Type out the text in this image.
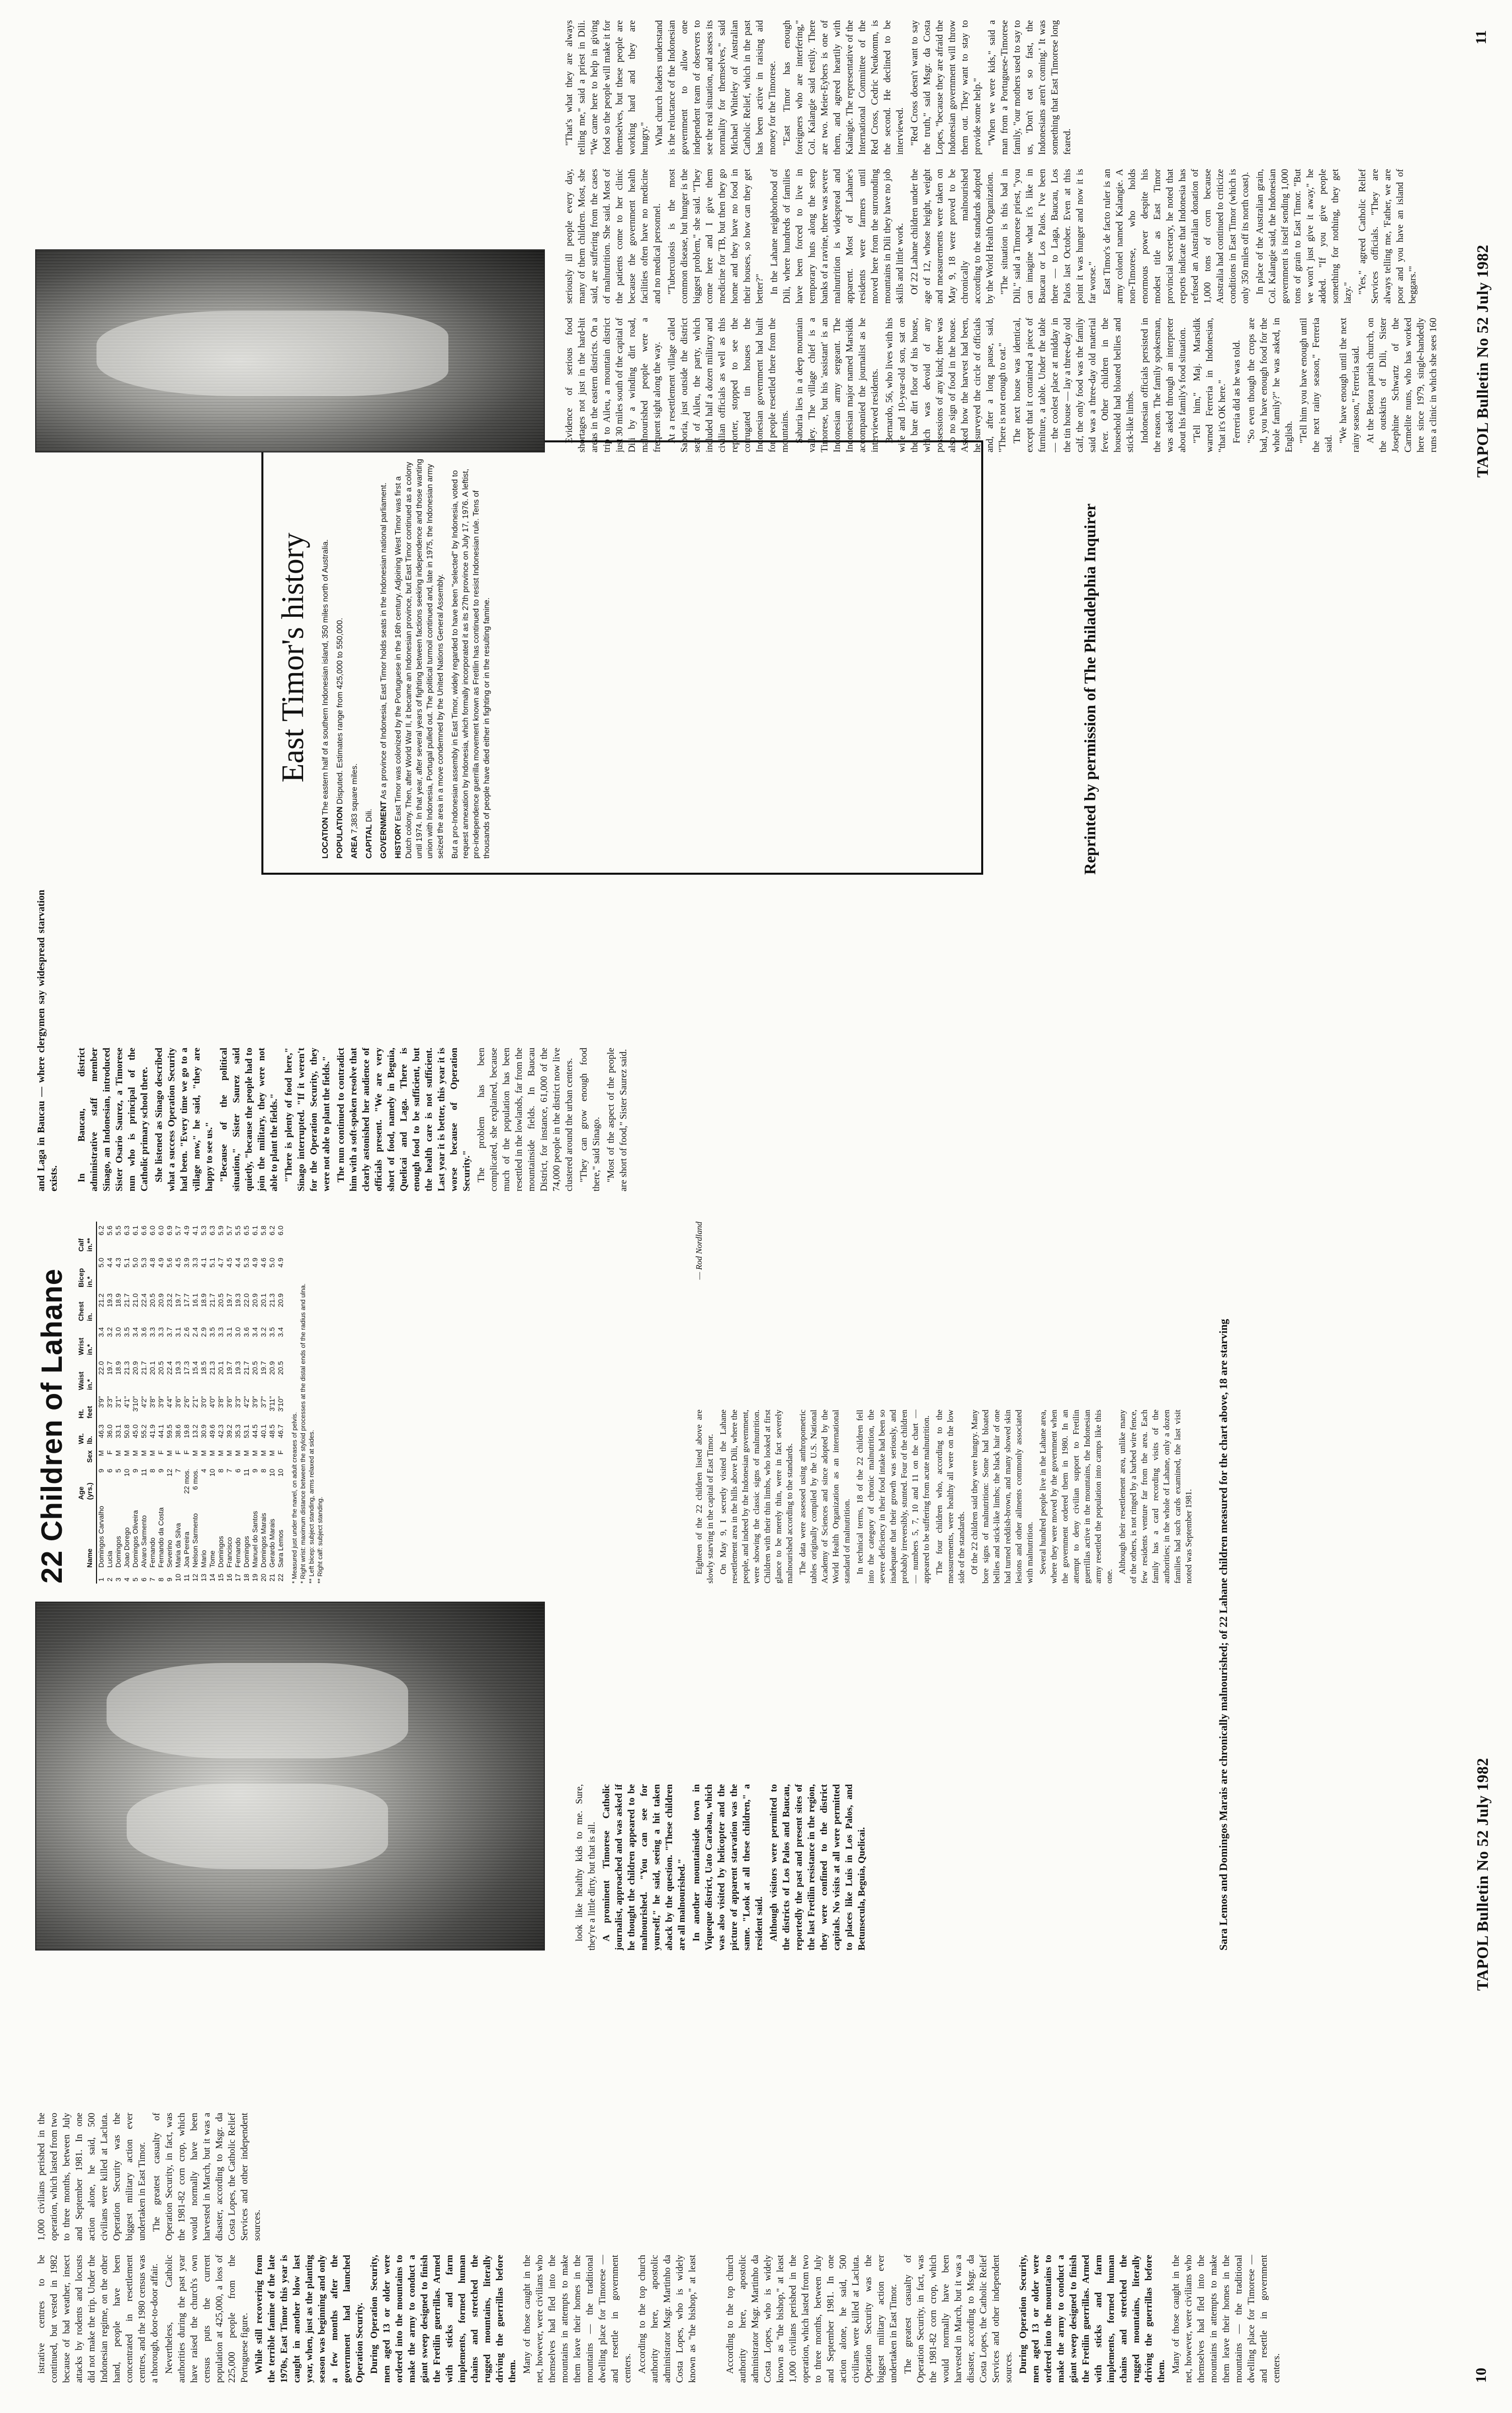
istrative centres to be continued, but vested in 1982 because of bad weather, insect attacks by rodents and locusts did not make the trip. Under the Indonesian regime, on the other hand, people have been concentrated in resettlement centres, and the 1980 census was a thorough, door-to-door affair. Nevertheless, Catholic authorities during the past year have raised the church's own census puts the current population at 425,000, a loss of 225,000 people from the Portuguese figure. While still recovering from the terrible famine of the late 1970s, East Timor this year is caught in another blow last year, when, just as the planting season was beginning and only a few months after the government had launched Operation Security. During Operation Security, men aged 13 or older were ordered into the mountains to make the army to conduct a giant sweep designed to finish the Fretilin guerrillas. Armed with sticks and farm implements, formed human chains and stretched the rugged mountains, literally driving the guerrillas before them. Many of those caught in the net, however, were civilians who themselves had fled into the mountains in attempts to make them leave their homes in the mountains — the traditional dwelling place for Timorese — and resettle in government centers. According to the top church authority here, apostolic administrator Msgr. Martinho da Costa Lopes, who is widely known as "the bishop," at least 1,000 civilians perished in the operation, which lasted from two to three months, between July and September 1981. In one action alone, he said, 500 civilians were killed at Lacluta. Operation Security was the biggest military action ever undertaken in East Timor. The greatest casualty of Operation Security, in fact, was the 1981-82 corn crop, which would normally have been harvested in March, but it was a disaster, according to Msgr. da Costa Lopes, the Catholic Relief Services and other independent sources.

According to the top church authority here, apostolic administrator Msgr. Martinho da Costa Lopes, who is widely known as "the bishop," at least 1,000 civilians perished in the operation, which lasted from two to three months, between July and September 1981. In one action alone, he said, 500 civilians were killed at Lacluta. Operation Security was the biggest military action ever undertaken in East Timor. The greatest casualty of Operation Security, in fact, was the 1981-82 corn crop, which would normally have been harvested in March, but it was a disaster, according to Msgr. da Costa Lopes, the Catholic Relief Services and other independent sources. During Operation Security, men aged 13 or older were ordered into the mountains to make the army to conduct a giant sweep designed to finish the Fretilin guerrillas. Armed with sticks and farm implements, formed human chains and stretched the rugged mountains, literally driving the guerrillas before them. Many of those caught in the net, however, were civilians who themselves had fled into the mountains in attempts to make them leave their homes in the mountains — the traditional dwelling place for Timorese — and resettle in government centers.

look like healthy kids to me. Sure, they're a little dirty, but that is all. A prominent Timorese Catholic journalist, approached and was asked if he thought the children appeared to be malnourished. "You can see for yourself," he said, seeing a hit taken aback by the question. "These children are all malnourished." In another mountainside town in Viqueque district, Uato Carabau, which was also visited by helicopter and the picture of apparent starvation was the same. "Look at all these children," a resident said. Although visitors were permitted to the districts of Los Palos and Baucau, reportedly the past and present sites of the last Fretilin resistance in the region, they were confined to the district capitals. No visits at all were permitted to places like Luis in Los Palos, and Betunsecula, Beguia, Quelicai.

22 Children of Lahane
	Name	Age (yrs.)	Sex	Wt. lb.	Ht. feet	Waist in.*	Wrist in.*	Chest in.	Bicep in.*	Calf in.**
1	Domingos Carvalho	9	M	46.3	3'9"	22.0	3.4	21.2	5.0	6.2
2	Lucia	6	F	36.0	3'3"	19.7	3.2	19.3	4.4	5.6
3	Domingos	5	M	33.1	3'1"	18.9	3.0	18.9	4.3	5.5
4	Joao Dorego	10	M	50.8	4'1"	21.3	3.5	21.7	5.1	6.3
5	Domingos Oliveira	9	M	45.0	3'10"	20.9	3.4	21.0	5.0	6.1
6	Alvaro Sarmento	11	M	55.2	4'2"	21.7	3.6	22.4	5.3	6.6
7	Fernando	8	M	41.9	3'8"	20.1	3.3	20.5	4.8	6.0
8	Fernando da Costa	9	F	44.1	3'9"	20.5	3.3	20.9	4.9	6.0
9	Severino	12	M	59.5	4'4"	22.4	3.7	23.2	5.6	6.9
10	Maria da Silva	7	F	38.6	3'6"	19.3	3.1	19.7	4.5	5.7
11	Joa Pereira	22 mos.	F	19.8	2'6"	17.3	2.6	17.7	3.9	4.9
12	Nelson Sarmento	6 mos.	M	13.2	2'1"	15.4	2.4	16.1	3.3	4.1
13	Mario	4	M	30.9	3'0"	18.5	2.9	18.9	4.1	5.3
14	Tome	10	M	49.6	4'0"	21.3	3.5	21.7	5.1	6.3
15	Domingos	8	M	42.3	3'8"	20.1	3.3	20.5	4.7	5.9
16	Francisco	7	M	39.2	3'6"	19.7	3.1	19.7	4.5	5.7
17	Fernando	6	M	35.3	3'3"	19.3	3.0	19.3	4.4	5.5
18	Domingos	11	M	53.1	4'2"	21.7	3.6	22.0	5.3	6.5
19	Manuel do Santos	9	M	44.5	3'9"	20.5	3.4	20.9	4.9	6.1
20	Domingos Marais	8	M	40.1	3'7"	19.7	3.2	20.1	4.6	5.8
21	Gerardo Marais	10	M	48.5	3'11"	20.9	3.5	21.3	5.0	6.2
22	Sara Lemos	10	F	46.7	3'10"	20.5	3.4	20.9	4.9	6.0
* Measured just under the navel, on adult creases of pelvis. * Right wrist: maximum distance between the styloid processes at the distal ends of the radius and ulna. ** Left bicep: subject standing, arms relaxed at sides. ** Right calf: subject standing.	Eighteen of the 22 children listed above are slowly starving in the capital of East Timor. On May 9, I secretly visited the Lahane resettlement area in the hills above Dili, where the people, and indeed by the Indonesian government, were showing the classic signs of malnutrition. Children with their thin limbs, who looked at first glance to be merely thin, were in fact severely malnourished according to the standards. The data were assessed using anthropometric tables originally compiled by the U.S. National Academy of Sciences and since adopted by the World Health Organization as an international standard of malnutrition. In technical terms, 18 of the 22 children fell into the category of chronic malnutrition, the severe deficiency in their food intake had been so inadequate that their growth was seriously, and probably irreversibly, stunted. Four of the children — numbers 5, 7, 10 and 11 on the chart — appeared to be suffering from acute malnutrition. The four children who, according to the measurements, were healthy all were on the low side of the standards. Of the 22 children said they were hungry. Many bore signs of malnutrition: Some had bloated bellies and stick-like limbs; the black hair of one had turned reddish-brown, and many showed skin lesions and other ailments commonly associated with malnutrition. Several hundred people live in the Lahane area, where they were moved by the government when the government ordered them in 1980. In an attempt to deny civilian support to Fretilin guerrillas active in the mountains, the Indonesian army resettled the population into camps like this one.

Although their resettlement area, unlike many of the others, is not ringed by a barbed wire fence, few residents venture far from the area. Each family has a card recording visits of the authorities; in the whole of Lahane, only a dozen families had such cards examined, the last visit noted was September 1981.

— Rod Nordland

Sara Lemos and Domingos Marais are chronically malnourished; of 22 Lahane children measured for the chart above, 18 are starving
10
TAPOL Bulletin No 52 July 1982
and Laga in Baucau — where clergymen say widespread starvation exists. In Baucau, district administrative staff member Sinago, an Indonesian, introduced Sister Osario Saurez, a Timorese nun who is principal of the Catholic primary school there. She listened as Sinago described what a success Operation Security had been. "Every time we go to a village now," he said, "they are happy to see us." "Because of the political situation," Sister Saurez said quietly, "because the people had to join the military, they were not able to plant the fields." "There is plenty of food here," Sinago interrupted. "If it weren't for the Operation Security, they were not able to plant the fields." The nun continued to contradict him with a soft-spoken resolve that clearly astonished her audience of officials present. "We are very short of food, namely in Beguia, Quelicai and Laga. There is enough food to be sufficient, but the health care is not sufficient. Last year it is better, this year it is worse because of Operation Security." The problem has been complicated, she explained, because much of the population has been resettled in the lowlands, far from the mountainside fields. In Baucau District, for instance, 61,000 of the 74,000 people in the district now live clustered around the urban centers. "They can grow enough food there," said Sinago. "Most of the aspect of the people are short of food," Sister Saurez said.

East Timor's history

LOCATION The eastern half of a southern Indonesian island, 350 miles north of Australia.

POPULATION Disputed. Estimates range from 425,000 to 550,000.

AREA 7,383 square miles.

CAPITAL Dili. GOVERNMENT As a province of Indonesia, East Timor holds seats in the Indonesian national parliament.

HISTORY East Timor was colonized by the Portuguese in the 16th century. Adjoining West Timor was first a Dutch colony. Then, after World War II, it became an Indonesian province, but East Timor continued as a colony until 1974. In that year, after several years of fighting between factions seeking independence and those wanting union with Indonesia, Portugal pulled out. The political turmoil continued and, late in 1975, the Indonesian army seized the area in a move condemned by the United Nations General Assembly. But a pro-Indonesian assembly in East Timor, widely regarded to have been "selected" by Indonesia, voted to request annexation by Indonesia, which formally incorporated it as its 27th province on July 17, 1976. A leftist, pro-independence guerrilla movement known as Fretilin has continued to resist Indonesian rule. Tens of thousands of people have died either in fighting or in the resulting famine.	Reprinted by permission of The Philadelphia Inquirer

Evidence of serious food shortages not just in the hard-hit areas in the eastern districts. On a trip to Aileu, a mountain district just 30 miles south of the capital of Dili by a winding dirt road, malnourished people were a frequent sight along the way. At a resettlement village called Saboria, just outside the district seat of Aileu, the party, which included half a dozen military and civilian officials as well as this reporter, stopped to see the corrugated tin houses the Indonesian government had built for people resettled there from the mountains. Saburia lies in a deep mountain valley. The village chief is a Timorese, but his 'assistant' is an Indonesian army sergeant. The Indonesian major named Marsidik accompanied the journalist as he interviewed residents. Bernardo, 56, who lives with his wife and 10-year-old son, sat on the bare dirt floor of his house, which was devoid of any possessions of any kind; there was also no sign of food in the house. Asked how the harvest had been, he surveyed the circle of officials and, after a long pause, said, "There is not enough to eat." The next house was identical, except that it contained a piece of furniture, a table. Under the table — the coolest place at midday in the tin house — lay a three-day old calf, the only food was the family said was a three-day old material fever. Other children in the household had bloated bellies and stick-like limbs. Indonesian officials persisted in the reason. The family spokesman, was asked through an interpreter about his family's food situation. "Tell him," Maj. Marsidik warned Ferreria in Indonesian, "that it's OK here." Ferreria did as he was told. "So even though the crops are bad, you have enough food for the whole family?" he was asked, in English. "Tell him you have enough until the next rainy season," Ferreria said.

"We have enough until the next rainy season," Ferreria said. At the Betora parish church, on the outskirts of Dili, Sister Josephine Schwartz of the Carmelite nuns, who has worked here since 1979, single-handedly runs a clinic in which she sees 160 seriously ill people every day, many of them children. Most, she said, are suffering from the cases of malnutrition. She said. Most of the patients come to her clinic because the government health facilities often have no medicine and no medical personnel. "Tuberculosis is the most common disease, but hunger is the biggest problem," she said. "They come here and I give them medicine for TB, but then they go home and they have no food in their houses, so how can they get better?" In the Lahane neighborhood of Dili, where hundreds of families have been forced to live in temporary huts along the steep banks of a ravine, there was severe malnutrition is widespread and apparent. Most of Lahane's residents were farmers until moved here from the surrounding mountains in Dili they have no job skills and little work. Of 22 Lahane children under the age of 12, whose height, weight and measurements were taken on May 9, 18 were proved to be chronically malnourished according to the standards adopted by the World Health Organization. "The situation is this bad in Dili," said a Timorese priest, "you can imagine what it's like in Baucau or Los Palos. I've been there — to Laga, Baucau, Los Palos last October. Even at this point it was hunger and now it is far worse." East Timor's de facto ruler is an army colonel named Kalangie. A non-Timorese, who holds enormous power despite his modest title as East Timor provincial secretary, he noted that reports indicate that Indonesia has refused an Australian donation of 1,000 tons of corn because Australia had continued to criticize conditions in East Timor (which is only 350 miles off its north coast). In place of the Australian grain, Col. Kalangie said, the Indonesian government is itself sending 1,000 tons of grain to East Timor. "But we won't just give it away," he added. "If you give people something for nothing, they get lazy." "Yes," agreed Catholic Relief Services officials. "They are always telling me, 'Father, we are poor and you have an island of beggars.'"

"That's what they are always telling me," said a priest in Dili. "We came here to help in giving food so the people will make it for themselves, but these people are working hard and they are hungry." What church leaders understand is the reluctance of the Indonesian government to allow one independent team of observers to see the real situation, and assess its normality for themselves," said Michael Whiteley of Australian Catholic Relief, which in the past has been active in raising aid money for the Timorese. "East Timor has enough foreigners who are interfering," Col. Kalangie said testily. There are two. Meier-Eybers is one of them, and agreed heartily with Kalangie. The representative of the International Committee of the Red Cross, Cedric Neukomm, is the second. He declined to be interviewed. "Red Cross doesn't want to say the truth," said Msgr. da Costa Lopes, "because they are afraid the Indonesian government will throw them out. They want to stay to provide some help." "When we were kids," said a man from a Portuguese-Timorese family, "our mothers used to say to us, 'Don't eat so fast, the Indonesians aren't coming.' It was something that East Timorese long feared.

11
TAPOL Bulletin No 52 July 1982
